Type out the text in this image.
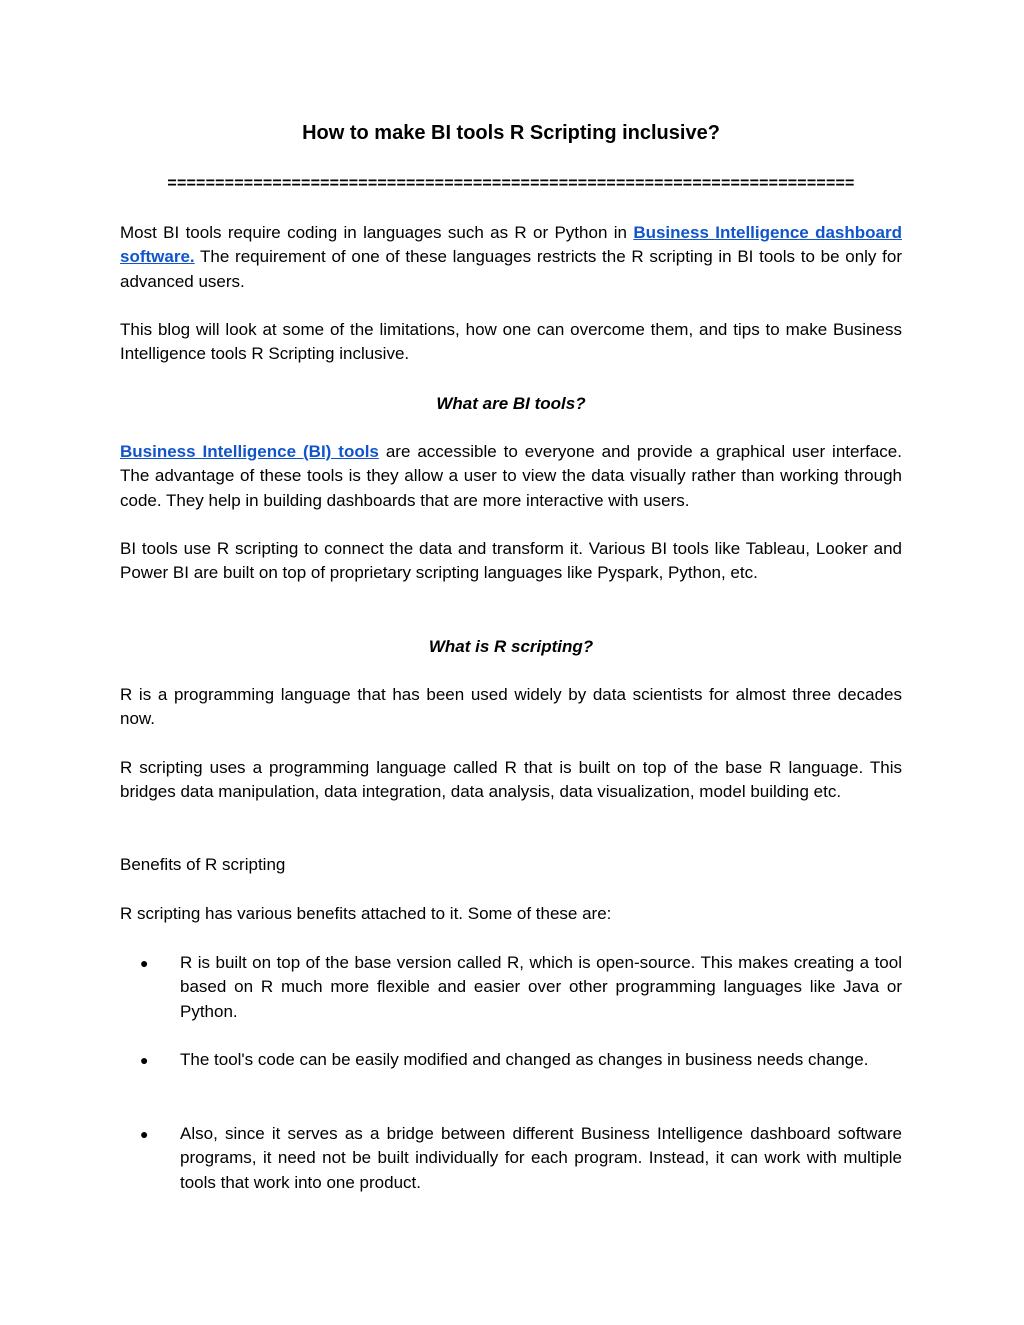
How to make BI tools R Scripting inclusive?
========================================================================

Most BI tools require coding in languages such as R or Python in Business Intelligence dashboard software. The requirement of one of these languages restricts the R scripting in BI tools to be only for advanced users.

This blog will look at some of the limitations, how one can overcome them, and tips to make Business Intelligence tools R Scripting inclusive.

What are BI tools?

Business Intelligence (BI) tools are accessible to everyone and provide a graphical user interface. The advantage of these tools is they allow a user to view the data visually rather than working through code. They help in building dashboards that are more interactive with users.

BI tools use R scripting to connect the data and transform it. Various BI tools like Tableau, Looker and Power BI are built on top of proprietary scripting languages like Pyspark, Python, etc.

What is R scripting?

R is a programming language that has been used widely by data scientists for almost three decades now.

R scripting uses a programming language called R that is built on top of the base R language. This bridges data manipulation, data integration, data analysis, data visualization, model building etc.

Benefits of R scripting

R scripting has various benefits attached to it. Some of these are:

● R is built on top of the base version called R, which is open-source. This makes creating a tool based on R much more flexible and easier over other programming languages like Java or Python.
● The tool's code can be easily modified and changed as changes in business needs change.
● Also, since it serves as a bridge between different Business Intelligence dashboard software programs, it need not be built individually for each program. Instead, it can work with multiple tools that work into one product.
